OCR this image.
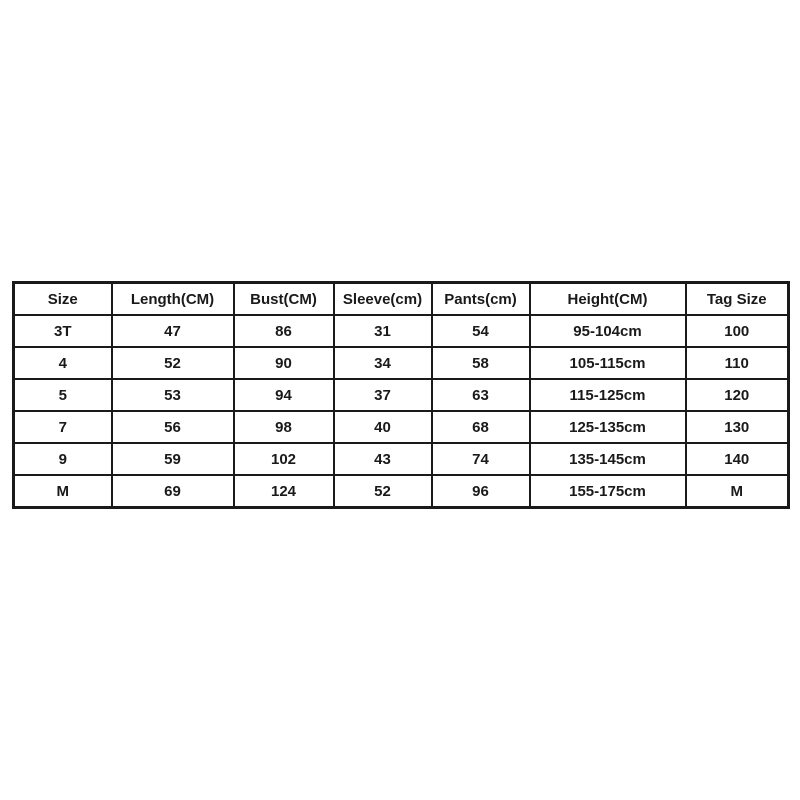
Size	Length(CM)	Bust(CM)	Sleeve(cm)	Pants(cm)	Height(CM)	Tag Size
3T	47	86	31	54	95-104cm	100
4	52	90	34	58	105-115cm	110
5	53	94	37	63	115-125cm	120
7	56	98	40	68	125-135cm	130
9	59	102	43	74	135-145cm	140
M	69	124	52	96	155-175cm	M
